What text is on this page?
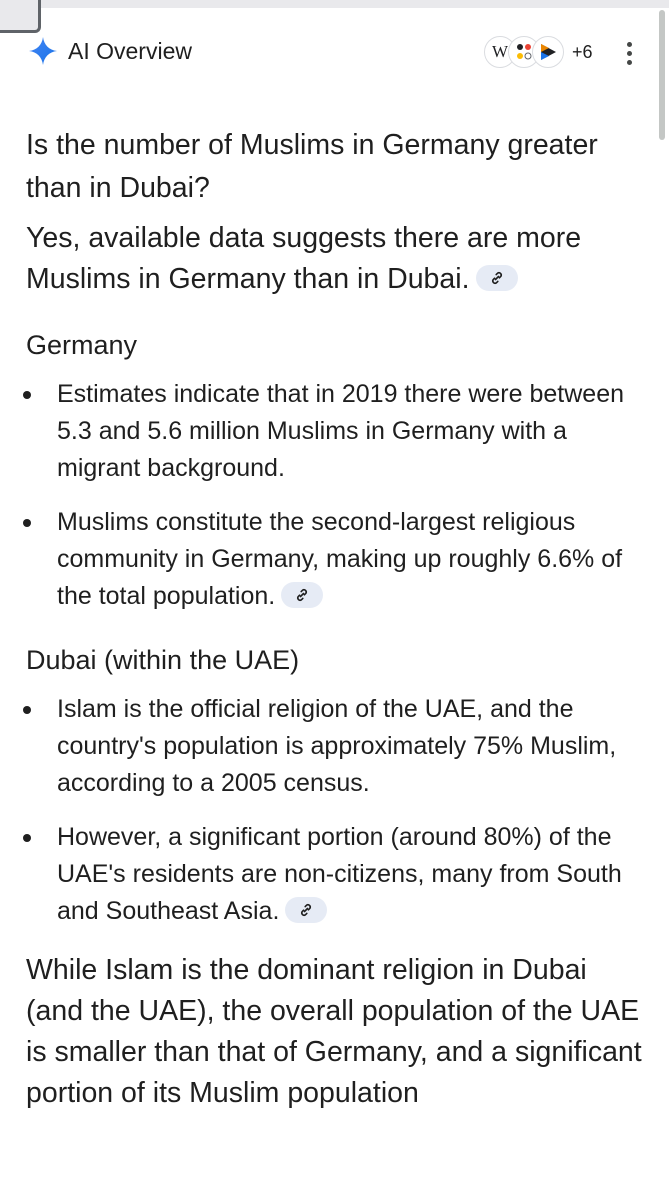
AI Overview	W	+6

Is the number of Muslims in Germany greater than in Dubai?

Yes, available data suggests there are more Muslims in Germany than in Dubai.

Germany
Estimates indicate that in 2019 there were between 5.3 and 5.6 million Muslims in Germany with a migrant background.
Muslims constitute the second-largest religious community in Germany, making up roughly 6.6% of the total population.
Dubai (within the UAE)
Islam is the official religion of the UAE, and the country's population is approximately 75% Muslim, according to a 2005 census.
However, a significant portion (around 80%) of the UAE's residents are non-citizens, many from South and Southeast Asia.

While Islam is the dominant religion in Dubai (and the UAE), the overall population of the UAE is smaller than that of Germany, and a significant portion of its Muslim population
